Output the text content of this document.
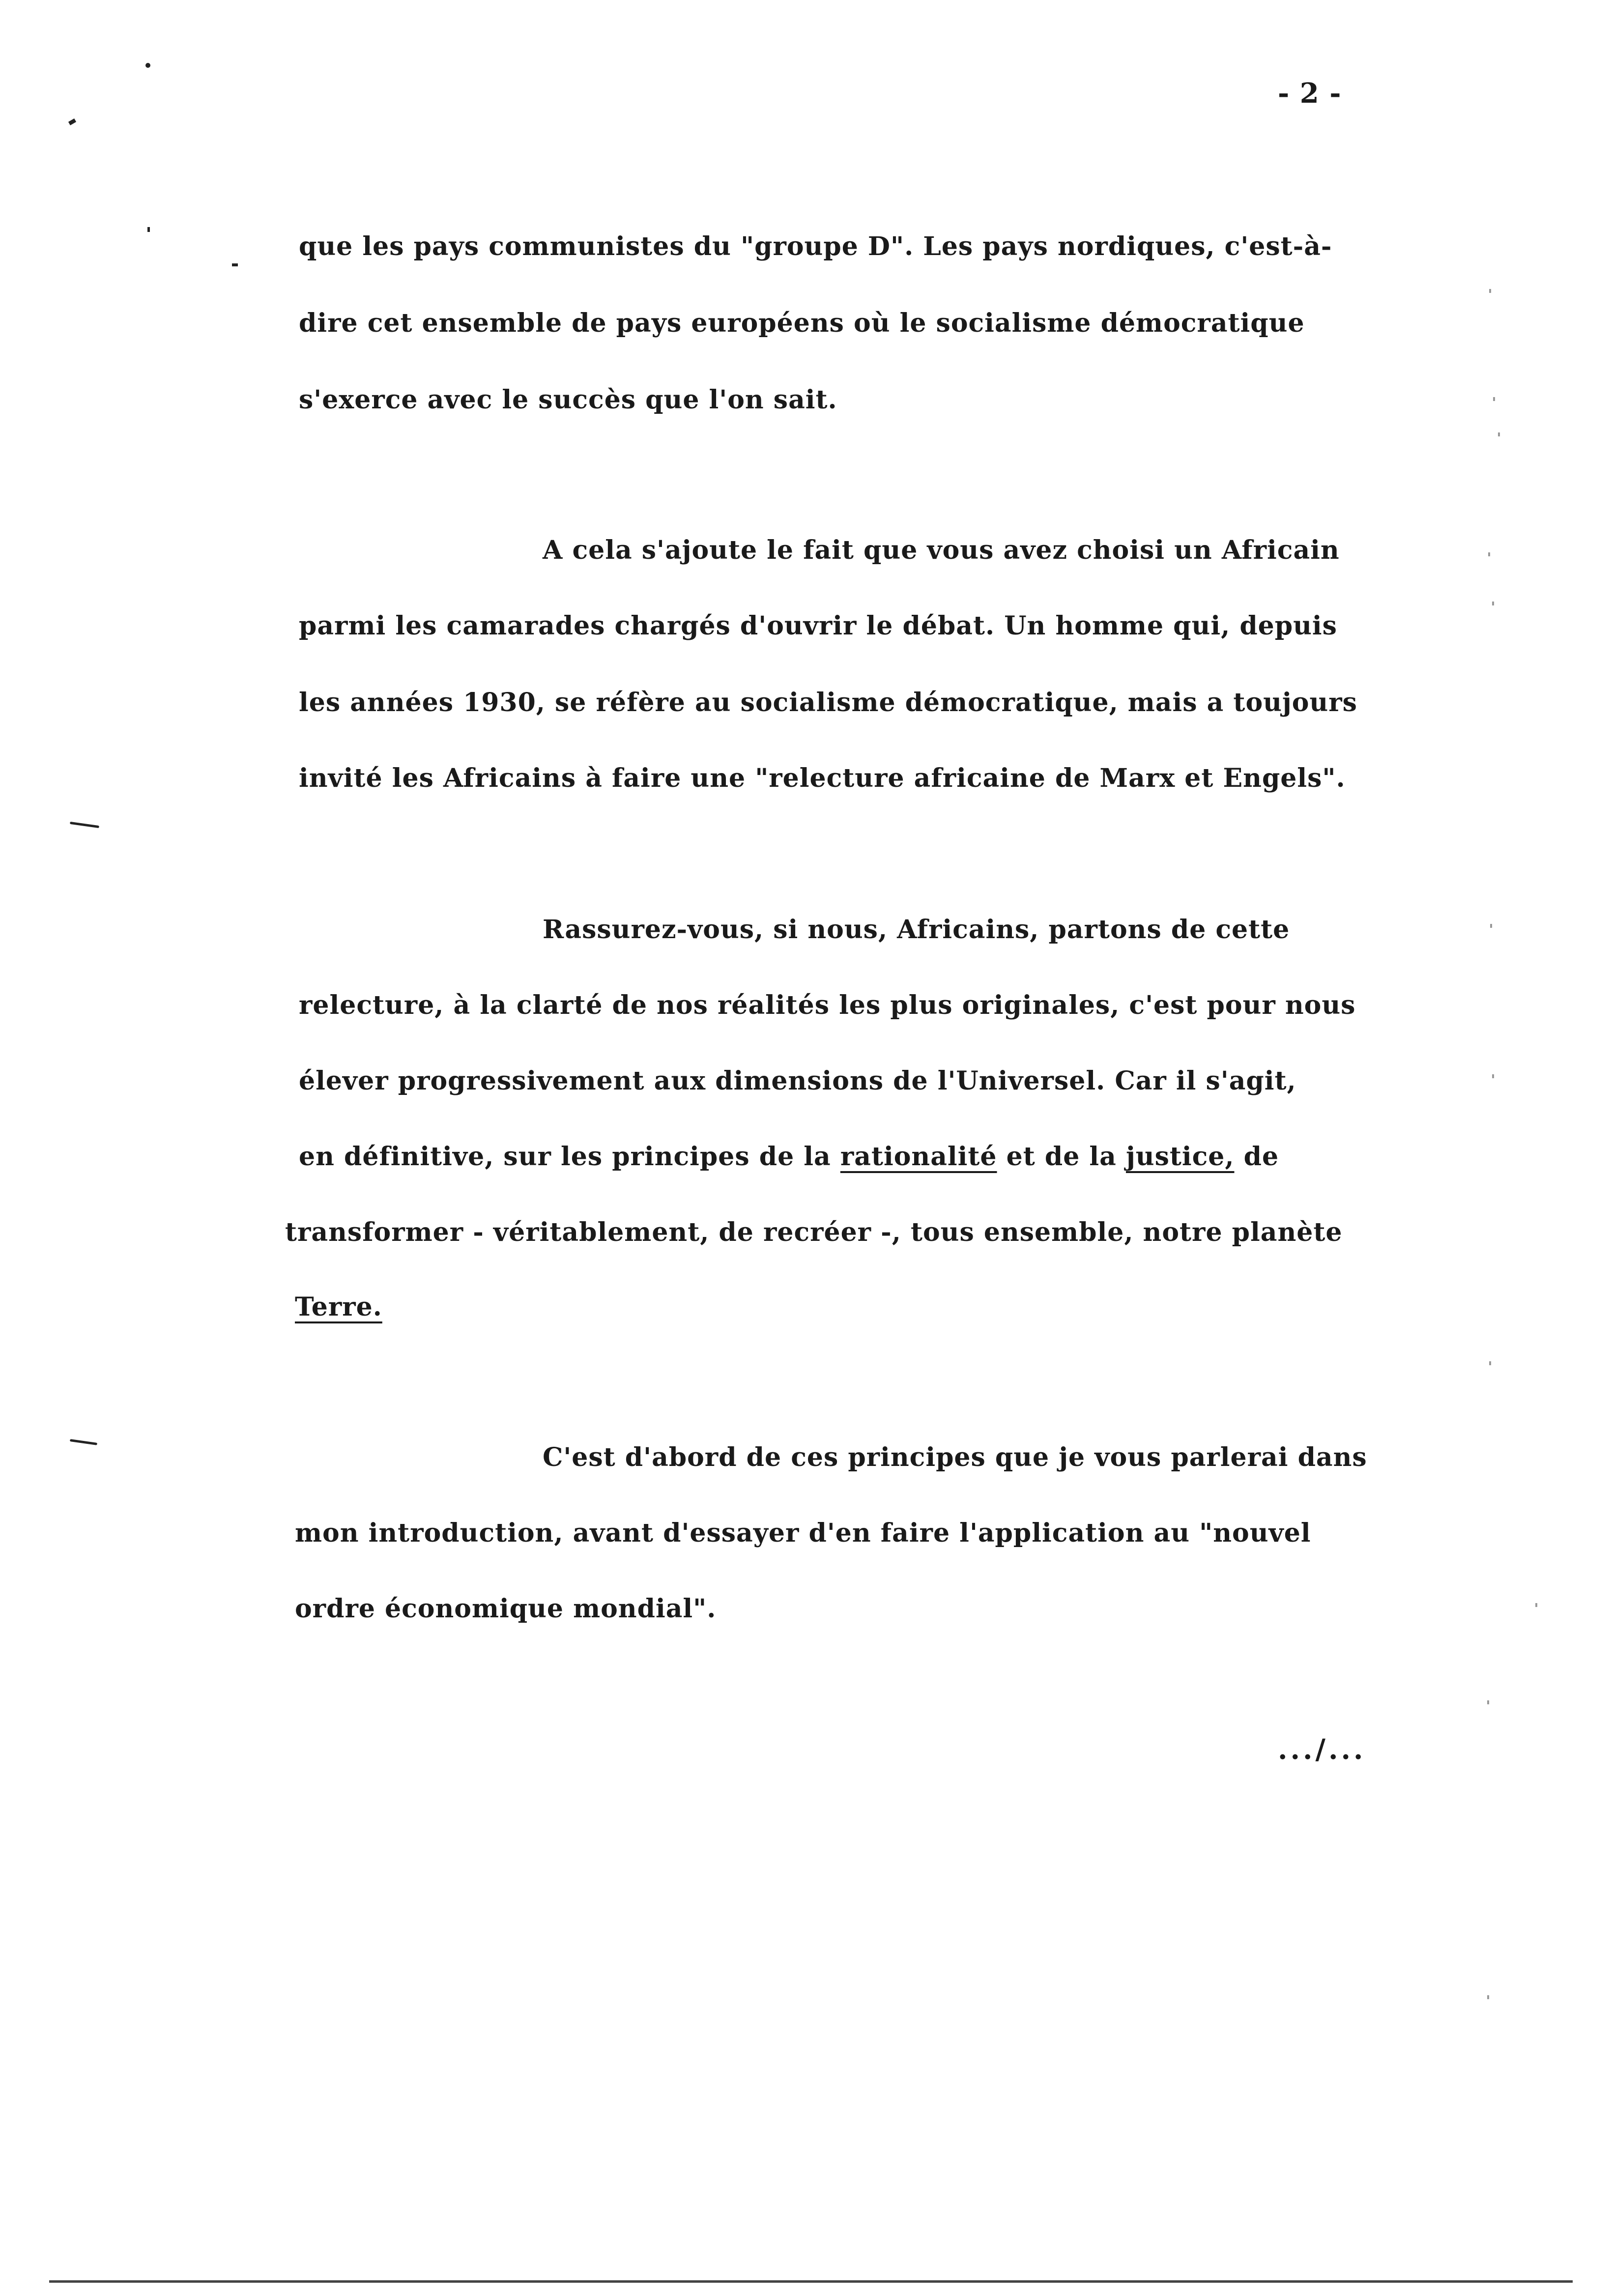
- 2 -
que les pays communistes du "groupe D". Les pays nordiques, c'est-à-
dire cet ensemble de pays européens où le socialisme démocratique
s'exerce avec le succès que l'on sait.
A cela s'ajoute le fait que vous avez choisi un Africain
parmi les camarades chargés d'ouvrir le débat. Un homme qui, depuis
les années 1930, se réfère au socialisme démocratique, mais a toujours
invité les Africains à faire une "relecture africaine de Marx et Engels".
Rassurez-vous, si nous, Africains, partons de cette
relecture, à la clarté de nos réalités les plus originales, c'est pour nous
élever progressivement aux dimensions de l'Universel. Car il s'agit,
en définitive, sur les principes de la rationalité et de la justice, de
transformer - véritablement, de recréer -, tous ensemble, notre planète
Terre.
C'est d'abord de ces principes que je vous parlerai dans
mon introduction, avant d'essayer d'en faire l'application au "nouvel
ordre économique mondial".
.../...
